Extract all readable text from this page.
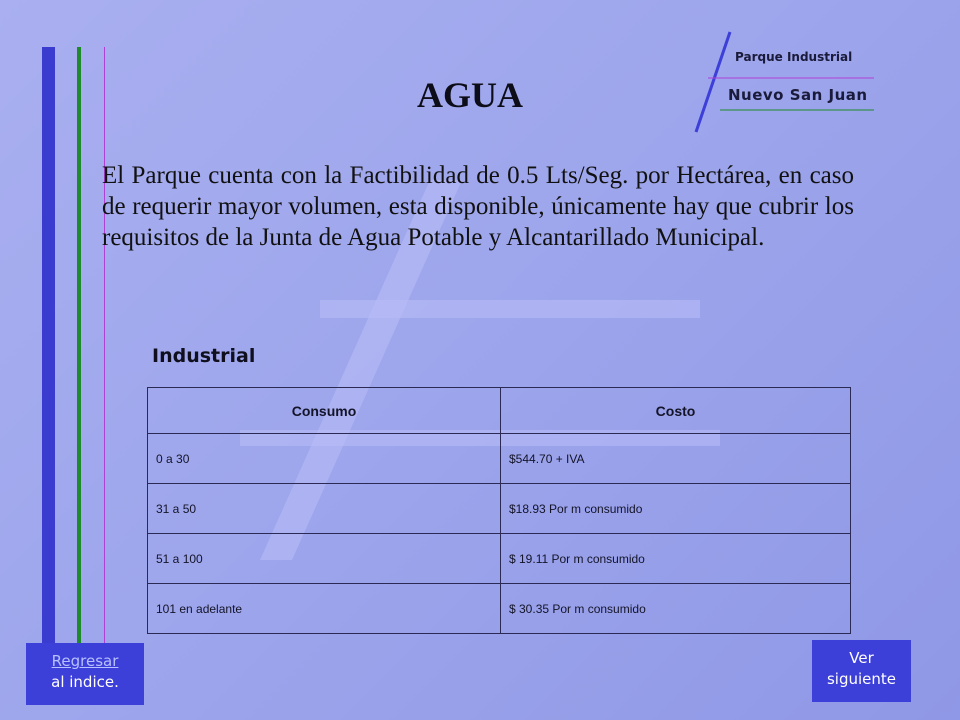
Parque Industrial
Nuevo San Juan
AGUA

El Parque cuenta con la Factibilidad de 0.5 Lts/Seg. por Hectárea, en caso de requerir mayor volumen, esta disponible, únicamente hay que cubrir los requisitos de la Junta de Agua Potable y Alcantarillado Municipal.

Industrial
Consumo	Costo
0 a 30	$544.70 + IVA
31 a 50	$18.93 Por m consumido
51 a 100	$ 19.11 Por m consumido
101 en adelante	$ 30.35 Por m consumido
Regresar
al indice.
Ver
siguiente
